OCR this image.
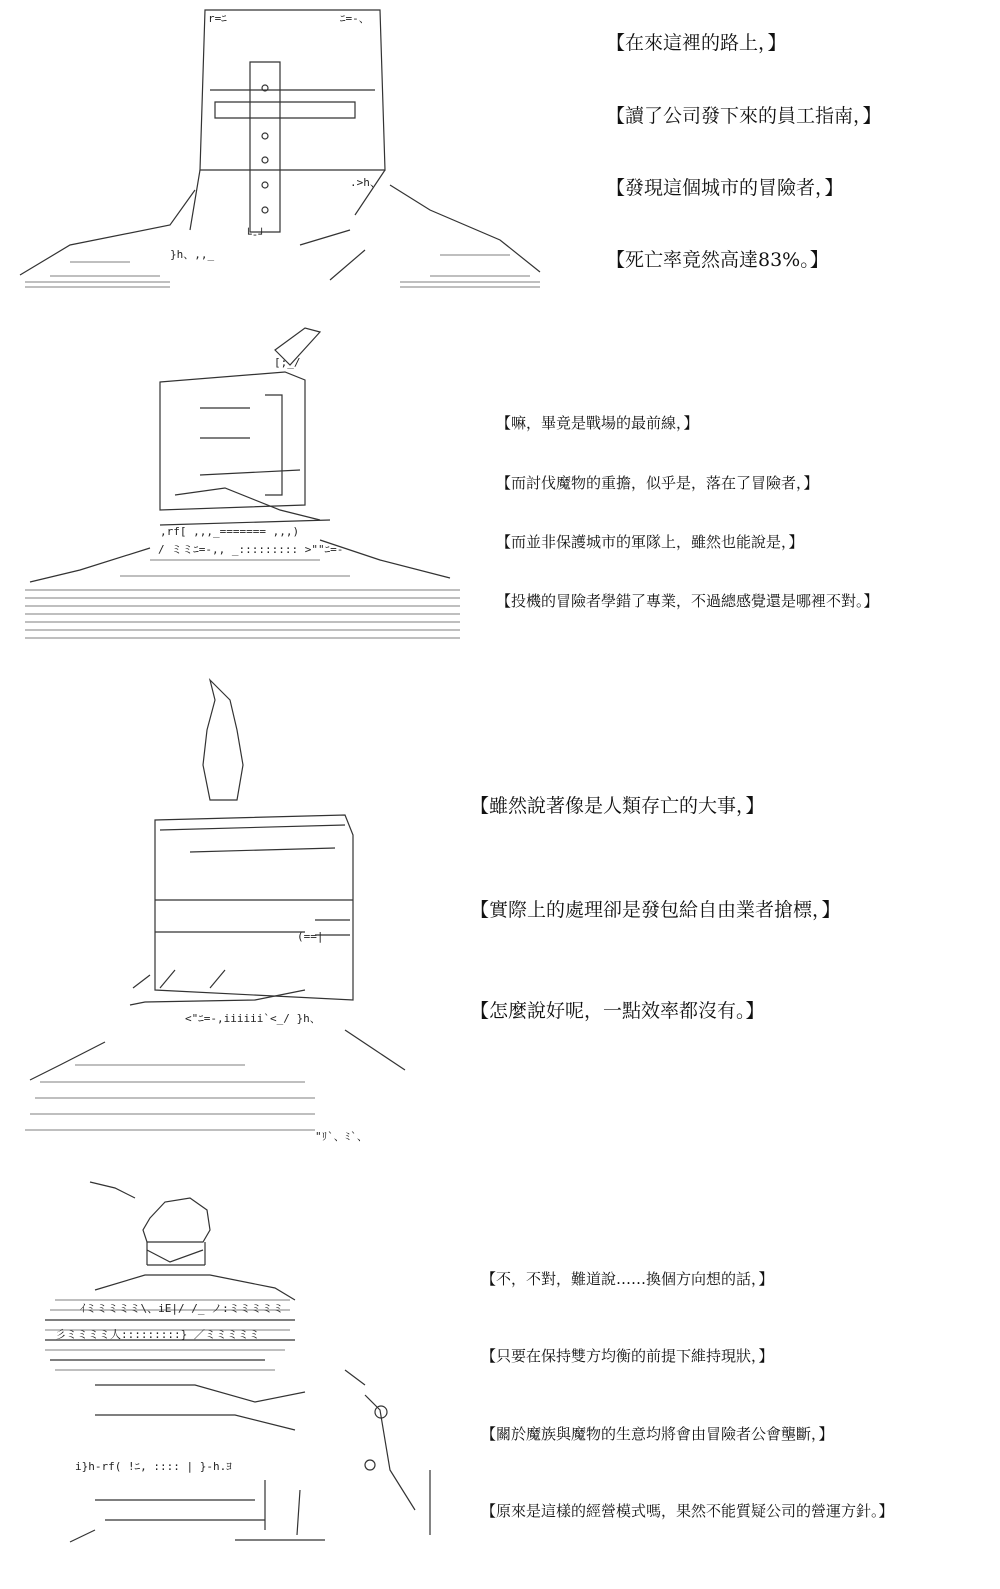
r=ﾆ	ﾆ=-、
.>h、
}h、,,_
└-┘
【在來這裡的路上，】
【讀了公司發下來的員工指南，】
【發現這個城市的冒險者，】
【死亡率竟然高達83%。】
[;_/
,rf[ ,,,_======= ,,,)
/ ミミﾆ=-,, _::::::::: >""ﾆ=-
【嘛，畢竟是戰場的最前線，】
【而討伐魔物的重擔，似乎是，落在了冒險者，】
【而並非保護城市的軍隊上，雖然也能說是，】
【投機的冒險者學錯了專業，不過總感覺還是哪裡不對。】
(==|
<"ﾆ=-,iiiiii`<_/ }h、
"ﾘ`、ﾐ`、
【雖然說著像是人類存亡的大事，】
【實際上的處理卻是發包給自由業者搶標，】
【怎麼說好呢，一點效率都沒有。】
ｲミミミミミ\、iE|/ /_ ノ:ミミミミミ
彡ミミミミ人:::::::::} ／ミミミミミ
i}h-rf( !ﾆ, :::: | }-h.ﾖ
【不，不對，難道說……換個方向想的話，】
【只要在保持雙方均衡的前提下維持現狀，】
【關於魔族與魔物的生意均將會由冒險者公會壟斷，】
【原來是這樣的經營模式嗎，果然不能質疑公司的營運方針。】
